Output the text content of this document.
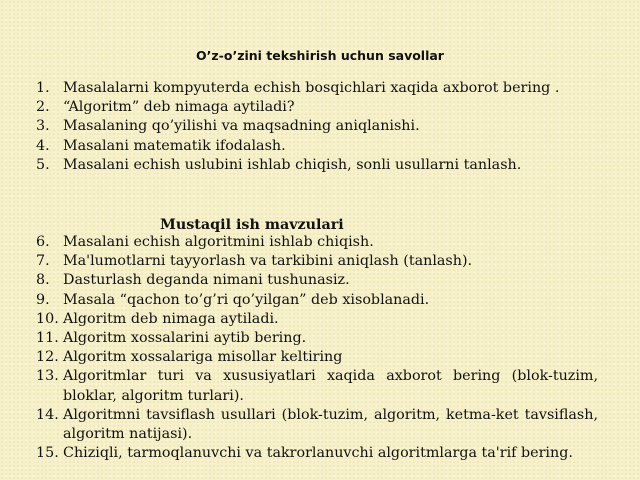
O’z-o’zini tekshirish uchun savollar
1. Masalalarni kompyuterda echish bosqichlari xaqida axborot bering .
2. “Algoritm” deb nimaga aytiladi?
3. Masalaning qo’yilishi va maqsadning aniqlanishi.
4. Masalani matematik ifodalash.
5. Masalani echish uslubini ishlab chiqish, sonli usullarni tanlash.
Mustaqil ish mavzulari
6. Masalani echish algoritmini ishlab chiqish.
7. Ma'lumotlarni tayyorlash va tarkibini aniqlash (tanlash).
8. Dasturlash deganda nimani tushunasiz.
9. Masala “qachon to’g’ri qo’yilgan” deb xisoblanadi.
10. Algoritm deb nimaga aytiladi.
11. Algoritm xossalarini aytib bering.
12. Algoritm xossalariga misollar keltiring
13. Algoritmlar turi va xususiyatlari xaqida axborot bering (blok-tuzim, bloklar, algoritm turlari).
14. Algoritmni tavsiflash usullari (blok-tuzim, algoritm, ketma-ket tavsiflash, algoritm natijasi).
15. Chiziqli, tarmoqlanuvchi va takrorlanuvchi algoritmlarga ta'rif bering.
